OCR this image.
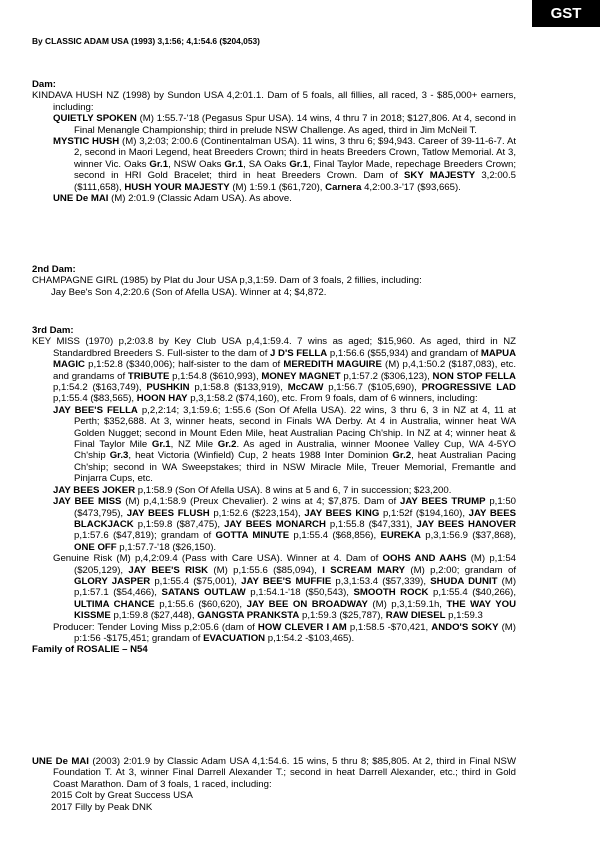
GST
By CLASSIC ADAM USA (1993) 3,1:56; 4,1:54.6 ($204,053)
Dam:

KINDAVA HUSH NZ (1998) by Sundon USA 4,2:01.1. Dam of 5 foals, all fillies, all raced, 3 - $85,000+ earners, including:

QUIETLY SPOKEN (M) 1:55.7-'18 (Pegasus Spur USA). 14 wins, 4 thru 7 in 2018; $127,806. At 4, second in Final Menangle Championship; third in prelude NSW Challenge. As aged, third in Jim McNeil T.

MYSTIC HUSH (M) 3,2:03; 2:00.6 (Continentalman USA). 11 wins, 3 thru 6; $94,943. Career of 39-11-6-7. At 2, second in Maori Legend, heat Breeders Crown; third in heats Breeders Crown, Tatlow Memorial. At 3, winner Vic. Oaks Gr.1, NSW Oaks Gr.1, SA Oaks Gr.1, Final Taylor Made, repechage Breeders Crown; second in HRI Gold Bracelet; third in heat Breeders Crown. Dam of SKY MAJESTY 3,2:00.5 ($111,658), HUSH YOUR MAJESTY (M) 1:59.1 ($61,720), Carnera 4,2:00.3-'17 ($93,665).

UNE De MAI (M) 2:01.9 (Classic Adam USA). As above.

2nd Dam:

CHAMPAGNE GIRL (1985) by Plat du Jour USA p,3,1:59. Dam of 3 foals, 2 fillies, including:

Jay Bee's Son 4,2:20.6 (Son of Afella USA). Winner at 4; $4,872.

3rd Dam:

KEY MISS (1970) p,2:03.8 by Key Club USA p,4,1:59.4. 7 wins as aged; $15,960. As aged, third in NZ Standardbred Breeders S. Full-sister to the dam of J D'S FELLA p,1:56.6 ($55,934) and grandam of MAPUA MAGIC p,1:52.8 ($340,006); half-sister to the dam of MEREDITH MAGUIRE (M) p,4,1:50.2 ($187,083), etc. and grandams of TRIBUTE p,1:54.8 ($610,993), MONEY MAGNET p,1:57.2 ($306,123), NON STOP FELLA p,1:54.2 ($163,749), PUSHKIN p,1:58.8 ($133,919), McCAW p,1:56.7 ($105,690), PROGRESSIVE LAD p,1:55.4 ($83,565), HOON HAY p,3,1:58.2 ($74,160), etc. From 9 foals, dam of 6 winners, including:

JAY BEE'S FELLA p,2,2:14; 3,1:59.6; 1:55.6 (Son Of Afella USA). 22 wins, 3 thru 6, 3 in NZ at 4, 11 at Perth; $352,688. At 3, winner heats, second in Finals WA Derby. At 4 in Australia, winner heat WA Golden Nugget; second in Mount Eden Mile, heat Australian Pacing Ch'ship. In NZ at 4; winner heat & Final Taylor Mile Gr.1, NZ Mile Gr.2. As aged in Australia, winner Moonee Valley Cup, WA 4-5YO Ch'ship Gr.3, heat Victoria (Winfield) Cup, 2 heats 1988 Inter Dominion Gr.2, heat Australian Pacing Ch'ship; second in WA Sweepstakes; third in NSW Miracle Mile, Treuer Memorial, Fremantle and Pinjarra Cups, etc.

JAY BEES JOKER p,1:58.9 (Son Of Afella USA). 8 wins at 5 and 6, 7 in succession; $23,200.

JAY BEE MISS (M) p,4,1:58.9 (Preux Chevalier). 2 wins at 4; $7,875. Dam of JAY BEES TRUMP p,1:50 ($473,795), JAY BEES FLUSH p,1:52.6 ($223,154), JAY BEES KING p,1:52f ($194,160), JAY BEES BLACKJACK p,1:59.8 ($87,475), JAY BEES MONARCH p,1:55.8 ($47,331), JAY BEES HANOVER p,1:57.6 ($47,819); grandam of GOTTA MINUTE p,1:55.4 ($68,856), EUREKA p,3,1:56.9 ($37,868), ONE OFF p,1:57.7-'18 ($26,150).

Genuine Risk (M) p,4,2:09.4 (Pass with Care USA). Winner at 4. Dam of OOHS AND AAHS (M) p,1:54 ($205,129), JAY BEE'S RISK (M) p,1:55.6 ($85,094), I SCREAM MARY (M) p,2:00; grandam of GLORY JASPER p,1:55.4 ($75,001), JAY BEE'S MUFFIE p,3,1:53.4 ($57,339), SHUDA DUNIT (M) p,1:57.1 ($54,466), SATANS OUTLAW p,1:54.1-'18 ($50,543), SMOOTH ROCK p,1:55.4 ($40,266), ULTIMA CHANCE p,1:55.6 ($60,620), JAY BEE ON BROADWAY (M) p,3,1:59.1h, THE WAY YOU KISSME p,1:59.8 ($27,448), GANGSTA PRANKSTA p,1:59.3 ($25,787), RAW DIESEL p,1:59.3

Producer: Tender Loving Miss p,2:05.6 (dam of HOW CLEVER I AM p,1:58.5 -$70,421, ANDO'S SOKY (M) p:1:56 -$175,451; grandam of EVACUATION p,1:54.2 -$103,465).

Family of ROSALIE – N54

UNE De MAI (2003) 2:01.9 by Classic Adam USA 4,1:54.6. 15 wins, 5 thru 8; $85,805. At 2, third in Final NSW Foundation T. At 3, winner Final Darrell Alexander T.; second in heat Darrell Alexander, etc.; third in Gold Coast Marathon. Dam of 3 foals, 1 raced, including:

2015 Colt by Great Success USA

2017 Filly by Peak DNK
